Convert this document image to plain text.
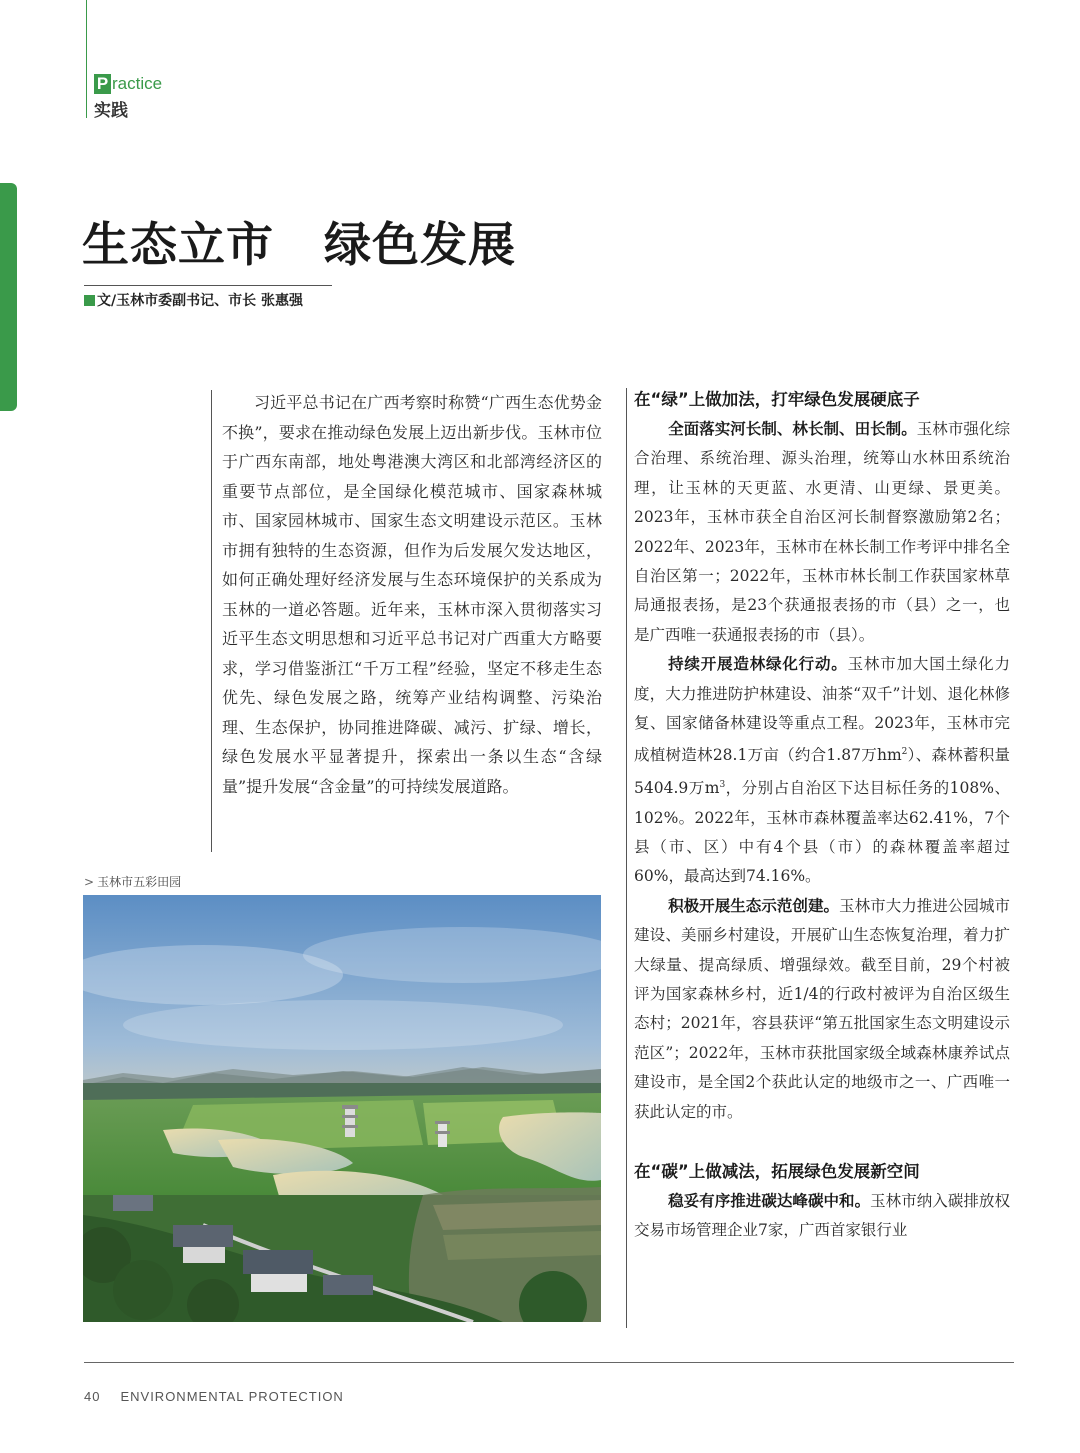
P ractice
实践
生态立市 绿色发展
文/玉林市委副书记、市长 张惠强
习近平总书记在广西考察时称赞“广西生态优势金不换”，要求在推动绿色发展上迈出新步伐。玉林市位于广西东南部，地处粤港澳大湾区和北部湾经济区的重要节点部位，是全国绿化模范城市、国家森林城市、国家园林城市、国家生态文明建设示范区。玉林市拥有独特的生态资源，但作为后发展欠发达地区，如何正确处理好经济发展与生态环境保护的关系成为玉林的一道必答题。近年来，玉林市深入贯彻落实习近平生态文明思想和习近平总书记对广西重大方略要求，学习借鉴浙江“千万工程”经验，坚定不移走生态优先、绿色发展之路，统筹产业结构调整、污染治理、生态保护，协同推进降碳、减污、扩绿、增长，绿色发展水平显著提升，探索出一条以生态“含绿量”提升发展“含金量”的可持续发展道路。
> 玉林市五彩田园
在“绿”上做加法，打牢绿色发展硬底子

全面落实河长制、林长制、田长制。玉林市强化综合治理、系统治理、源头治理，统筹山水林田系统治理，让玉林的天更蓝、水更清、山更绿、景更美。2023年，玉林市获全自治区河长制督察激励第2名；2022年、2023年，玉林市在林长制工作考评中排名全自治区第一；2022年，玉林市林长制工作获国家林草局通报表扬，是23个获通报表扬的市（县）之一，也是广西唯一获通报表扬的市（县）。

持续开展造林绿化行动。玉林市加大国土绿化力度，大力推进防护林建设、油茶“双千”计划、退化林修复、国家储备林建设等重点工程。2023年，玉林市完成植树造林28.1万亩（约合1.87万$hm^2$）、森林蓄积量5404.9万$m^3$，分别占自治区下达目标任务的108%、102%。2022年，玉林市森林覆盖率达62.41%，7个县（市、区）中有4个县（市）的森林覆盖率超过60%，最高达到74.16%。

积极开展生态示范创建。玉林市大力推进公园城市建设、美丽乡村建设，开展矿山生态恢复治理，着力扩大绿量、提高绿质、增强绿效。截至目前，29个村被评为国家森林乡村，近1/4的行政村被评为自治区级生态村；2021年，容县获评“第五批国家生态文明建设示范区”；2022年，玉林市获批国家级全域森林康养试点建设市，是全国2个获此认定的地级市之一、广西唯一获此认定的市。

在“碳”上做减法，拓展绿色发展新空间

稳妥有序推进碳达峰碳中和。玉林市纳入碳排放权交易市场管理企业7家，广西首家银行业

40 ENVIRONMENTAL PROTECTION
